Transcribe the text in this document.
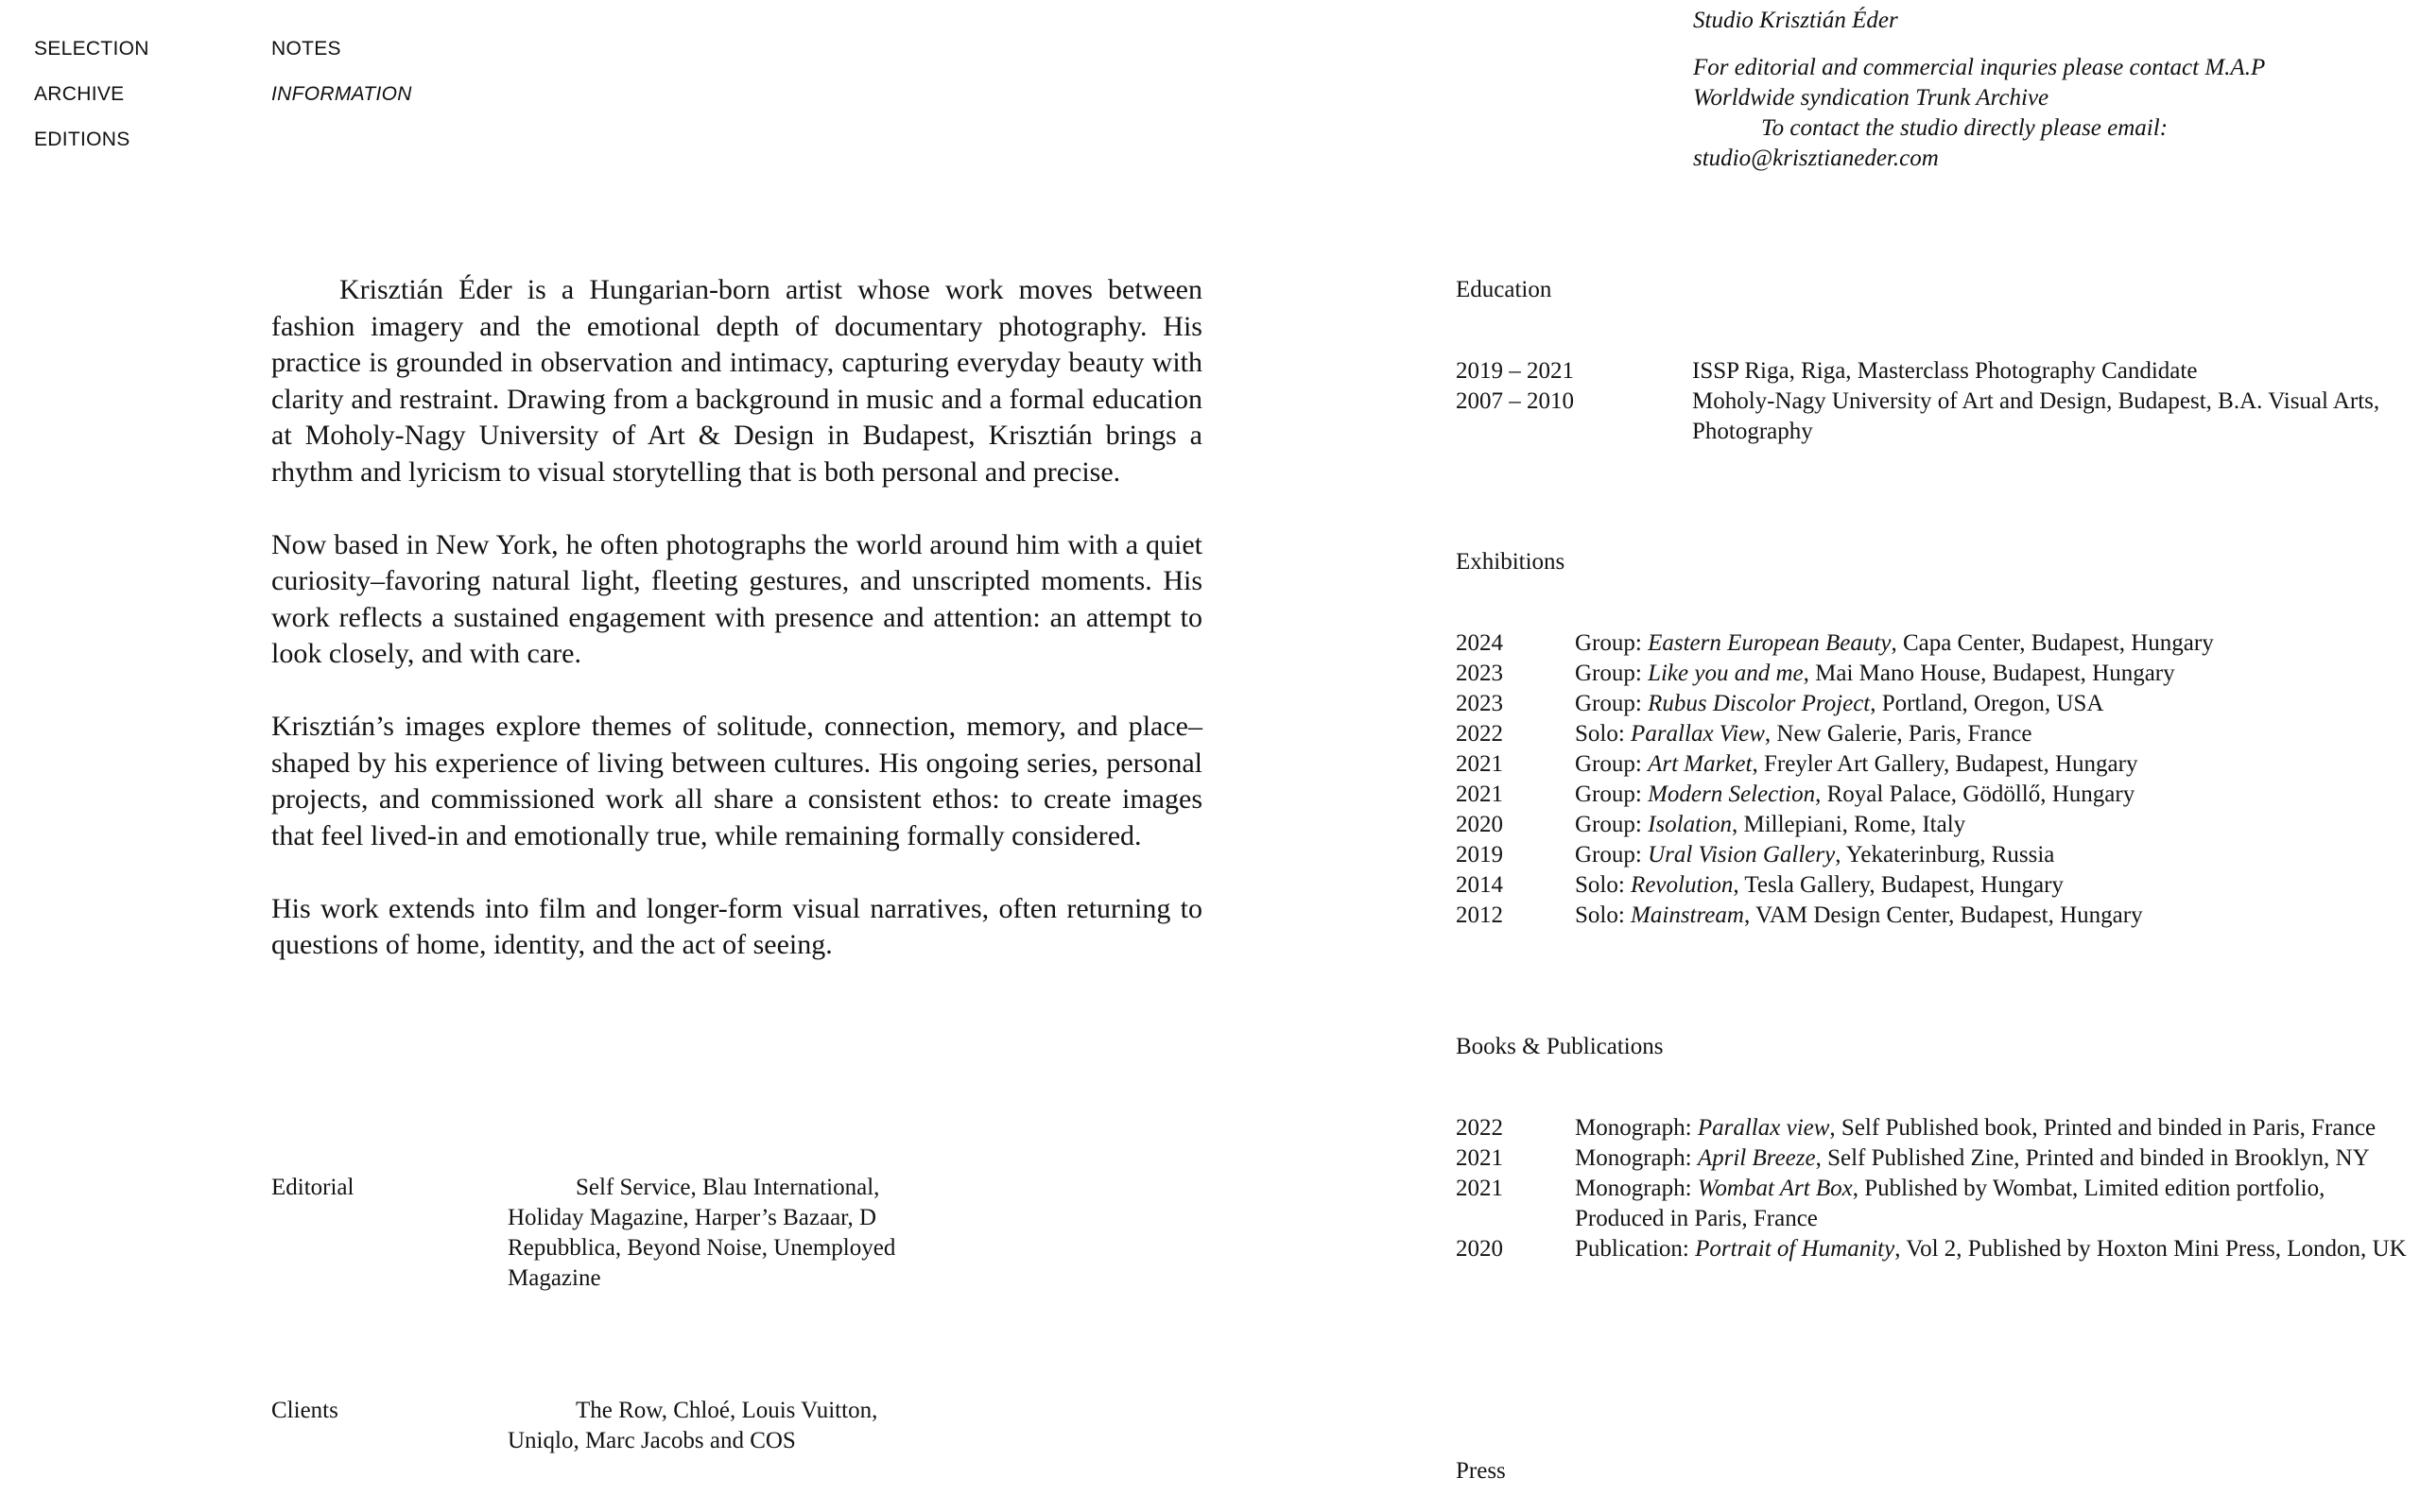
SELECTION
ARCHIVE
EDITIONS
NOTES
INFORMATION
Studio Krisztián Éder
For editorial and commercial inquries please contact M.A.P
Worldwide syndication Trunk Archive
To contact the studio directly please email:
studio@krisztianeder.com

Krisztián Éder is a Hungarian-born artist whose work moves between fashion imagery and the emotional depth of documentary photography. His practice is grounded in observation and intimacy, capturing everyday beauty with clarity and restraint. Drawing from a background in music and a formal education at Moholy-Nagy University of Art & Design in Budapest, Krisztián brings a rhythm and lyricism to visual storytelling that is both personal and precise.

Now based in New York, he often photographs the world around him with a quiet curiosity–favoring natural light, fleeting gestures, and unscripted moments. His work reflects a sustained engagement with presence and attention: an attempt to look closely, and with care.

Krisztián’s images explore themes of solitude, connection, memory, and place–shaped by his experience of living between cultures. His ongoing series, personal projects, and commissioned work all share a consistent ethos: to create images that feel lived-in and emotionally true, while remaining formally considered.

His work extends into film and longer-form visual narratives, often returning to questions of home, identity, and the act of seeing.

Editorial	Self Service, Blau International, Holiday Magazine, Harper’s Bazaar, D Repubblica, Beyond Noise, Unemployed Magazine
Clients	The Row, Chloé, Louis Vuitton, Uniqlo, Marc Jacobs and COS
Education
2019 – 2021	ISSP Riga, Riga, Masterclass Photography Candidate
2007 – 2010	Moholy-Nagy University of Art and Design, Budapest, B.A. Visual Arts, Photography
Exhibitions
2024	Group: Eastern European Beauty, Capa Center, Budapest, Hungary
2023	Group: Like you and me, Mai Mano House, Budapest, Hungary
2023	Group: Rubus Discolor Project, Portland, Oregon, USA
2022	Solo: Parallax View, New Galerie, Paris, France
2021	Group: Art Market, Freyler Art Gallery, Budapest, Hungary
2021	Group: Modern Selection, Royal Palace, Gödöllő, Hungary
2020	Group: Isolation, Millepiani, Rome, Italy
2019	Group: Ural Vision Gallery, Yekaterinburg, Russia
2014	Solo: Revolution, Tesla Gallery, Budapest, Hungary
2012	Solo: Mainstream, VAM Design Center, Budapest, Hungary
Books & Publications
2022	Monograph: Parallax view, Self Published book, Printed and binded in Paris, France
2021	Monograph: April Breeze, Self Published Zine, Printed and binded in Brooklyn, NY
2021	Monograph: Wombat Art Box, Published by Wombat, Limited edition portfolio, Produced in Paris, France
2020	Publication: Portrait of Humanity, Vol 2, Published by Hoxton Mini Press, London, UK
Press
